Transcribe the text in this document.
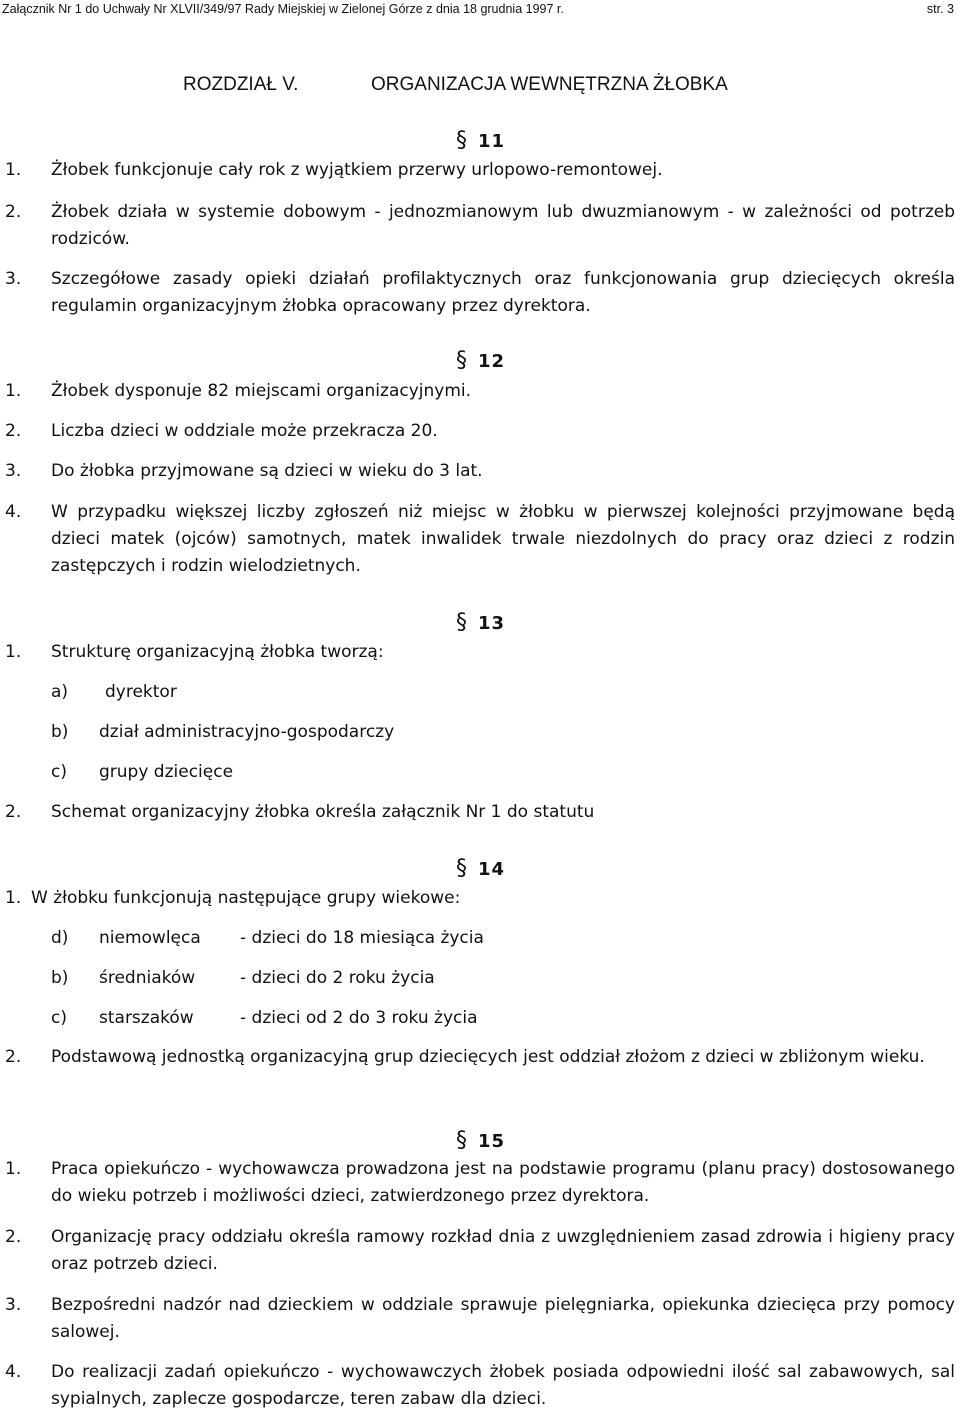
Załącznik Nr 1 do Uchwały Nr XLVII/349/97 Rady Miejskiej w Zielonej Górze z dnia 18 grudnia 1997 r.	str. 3
ROZDZIAŁ V.	ORGANIZACJA WEWNĘTRZNA ŻŁOBKA
§ 11
1. Żłobek funkcjonuje cały rok z wyjątkiem przerwy urlopowo-remontowej.
2. Żłobek działa w systemie dobowym - jednozmianowym lub dwuzmianowym - w zależności od potrzeb rodziców.
3. Szczegółowe zasady opieki działań profilaktycznych oraz funkcjonowania grup dziecięcych określa regulamin organizacyjnym żłobka opracowany przez dyrektora.
§ 12
1. Żłobek dysponuje 82 miejscami organizacyjnymi.
2. Liczba dzieci w oddziale może przekracza 20.
3. Do żłobka przyjmowane są dzieci w wieku do 3 lat.
4. W przypadku większej liczby zgłoszeń niż miejsc w żłobku w pierwszej kolejności przyjmowane będą dzieci matek (ojców) samotnych, matek inwalidek trwale niezdolnych do pracy oraz dzieci z rodzin zastępczych i rodzin wielodzietnych.
§ 13
1. Strukturę organizacyjną żłobka tworzą:
a) dyrektor
b) dział administracyjno-gospodarczy
c) grupy dziecięce
2. Schemat organizacyjny żłobka określa załącznik Nr 1 do statutu
§ 14
1. W żłobku funkcjonują następujące grupy wiekowe:
d) niemowlęca - dzieci do 18 miesiąca życia
b) średniaków	- dzieci do 2 roku życia
c) starszaków	- dzieci od 2 do 3 roku życia
2. Podstawową jednostką organizacyjną grup dziecięcych jest oddział złożom z dzieci w zbliżonym wieku.
§ 15
1. Praca opiekuńczo - wychowawcza prowadzona jest na podstawie programu (planu pracy) dostosowanego do wieku potrzeb i możliwości dzieci, zatwierdzonego przez dyrektora.
2. Organizację pracy oddziału określa ramowy rozkład dnia z uwzględnieniem zasad zdrowia i higieny pracy oraz potrzeb dzieci.
3. Bezpośredni nadzór nad dzieckiem w oddziale sprawuje pielęgniarka, opiekunka dziecięca przy pomocy salowej.
4. Do realizacji zadań opiekuńczo - wychowawczych żłobek posiada odpowiedni ilość sal zabawowych, sal sypialnych, zaplecze gospodarcze, teren zabaw dla dzieci.
